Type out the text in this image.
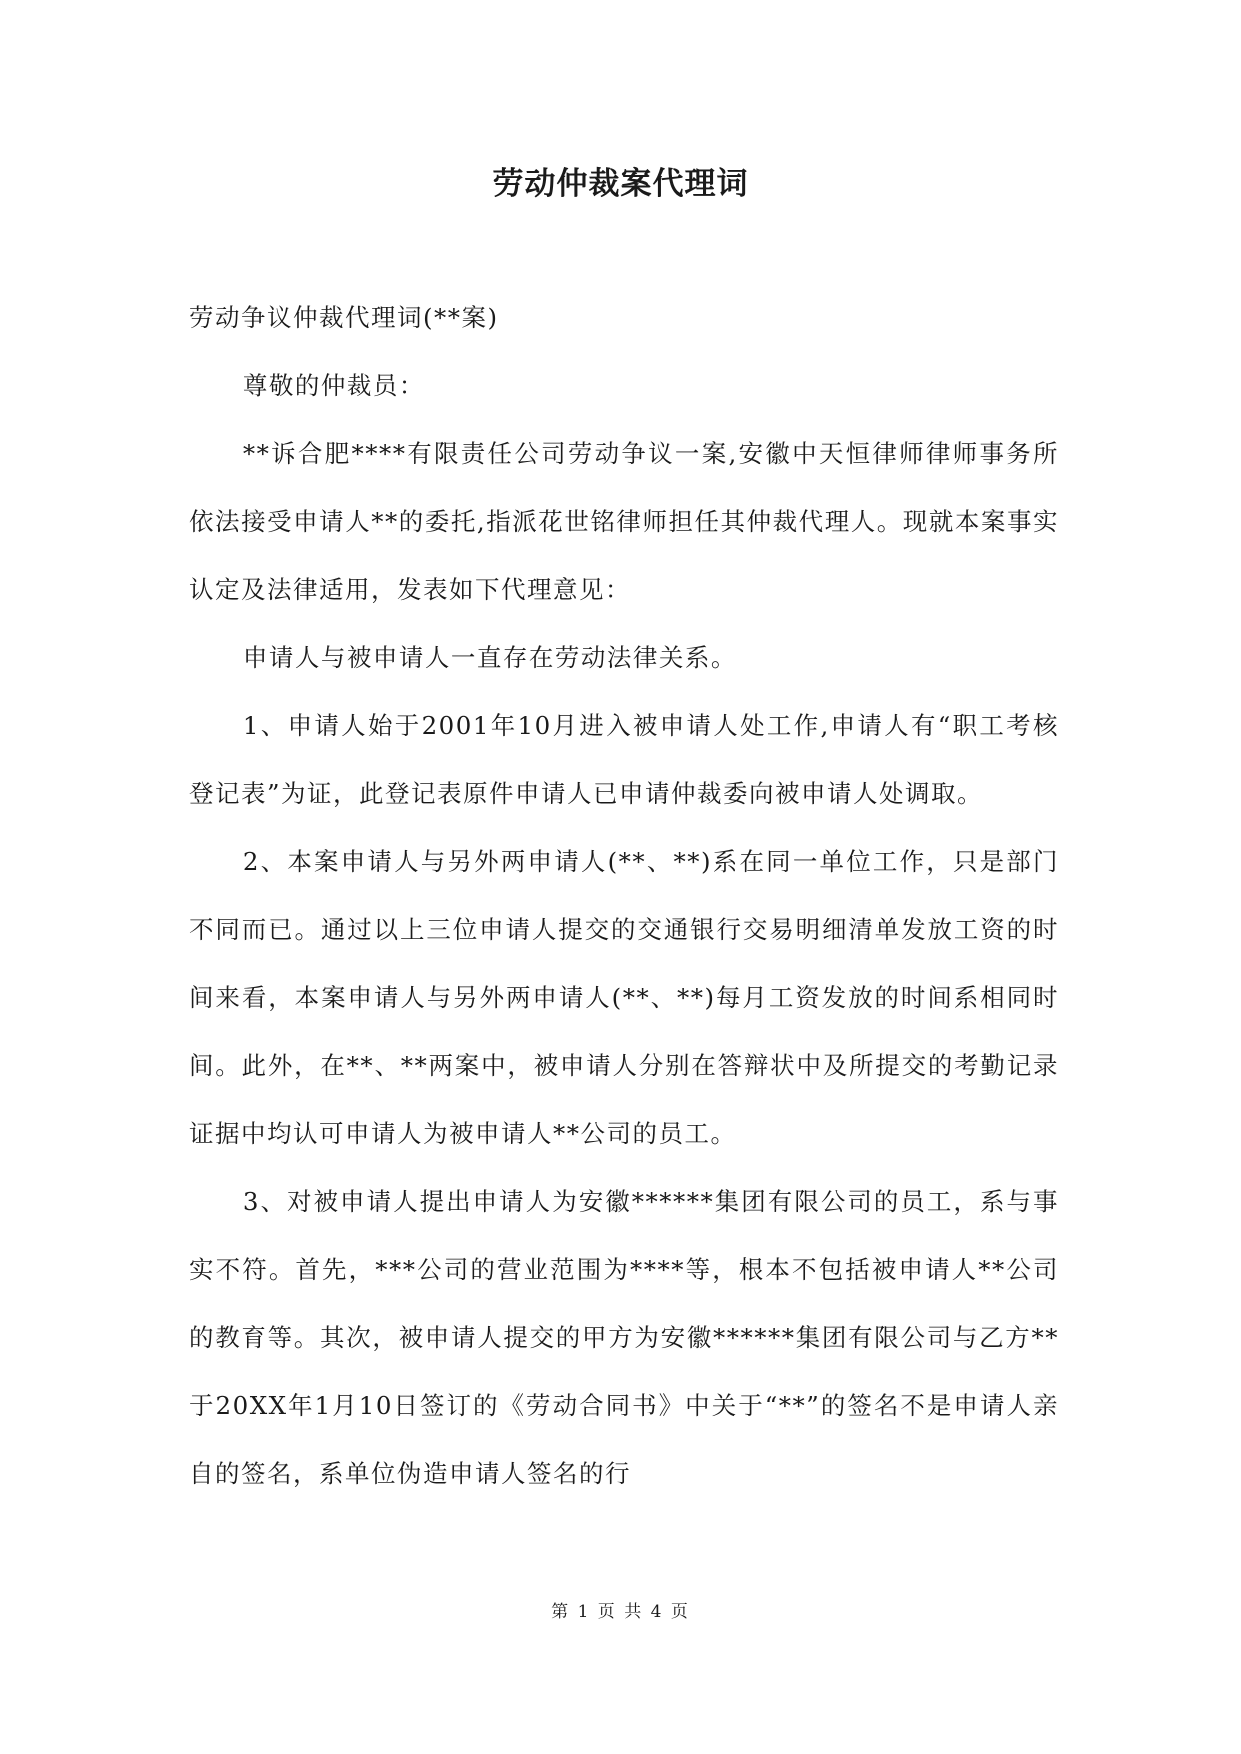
劳动仲裁案代理词

劳动争议仲裁代理词(**案)

尊敬的仲裁员：

**诉合肥****有限责任公司劳动争议一案,安徽中天恒律师律师事务所依法接受申请人**的委托,指派花世铭律师担任其仲裁代理人。现就本案事实认定及法律适用，发表如下代理意见：

申请人与被申请人一直存在劳动法律关系。

1、申请人始于2001年10月进入被申请人处工作,申请人有“职工考核登记表”为证，此登记表原件申请人已申请仲裁委向被申请人处调取。

2、本案申请人与另外两申请人(**、**)系在同一单位工作，只是部门不同而已。通过以上三位申请人提交的交通银行交易明细清单发放工资的时间来看，本案申请人与另外两申请人(**、**)每月工资发放的时间系相同时间。此外，在**、**两案中，被申请人分别在答辩状中及所提交的考勤记录证据中均认可申请人为被申请人**公司的员工。

3、对被申请人提出申请人为安徽******集团有限公司的员工，系与事实不符。首先，***公司的营业范围为****等，根本不包括被申请人**公司的教育等。其次，被申请人提交的甲方为安徽******集团有限公司与乙方**于20XX年1月10日签订的《劳动合同书》中关于“**”的签名不是申请人亲自的签名，系单位伪造申请人签名的行

第 1 页 共 4 页
